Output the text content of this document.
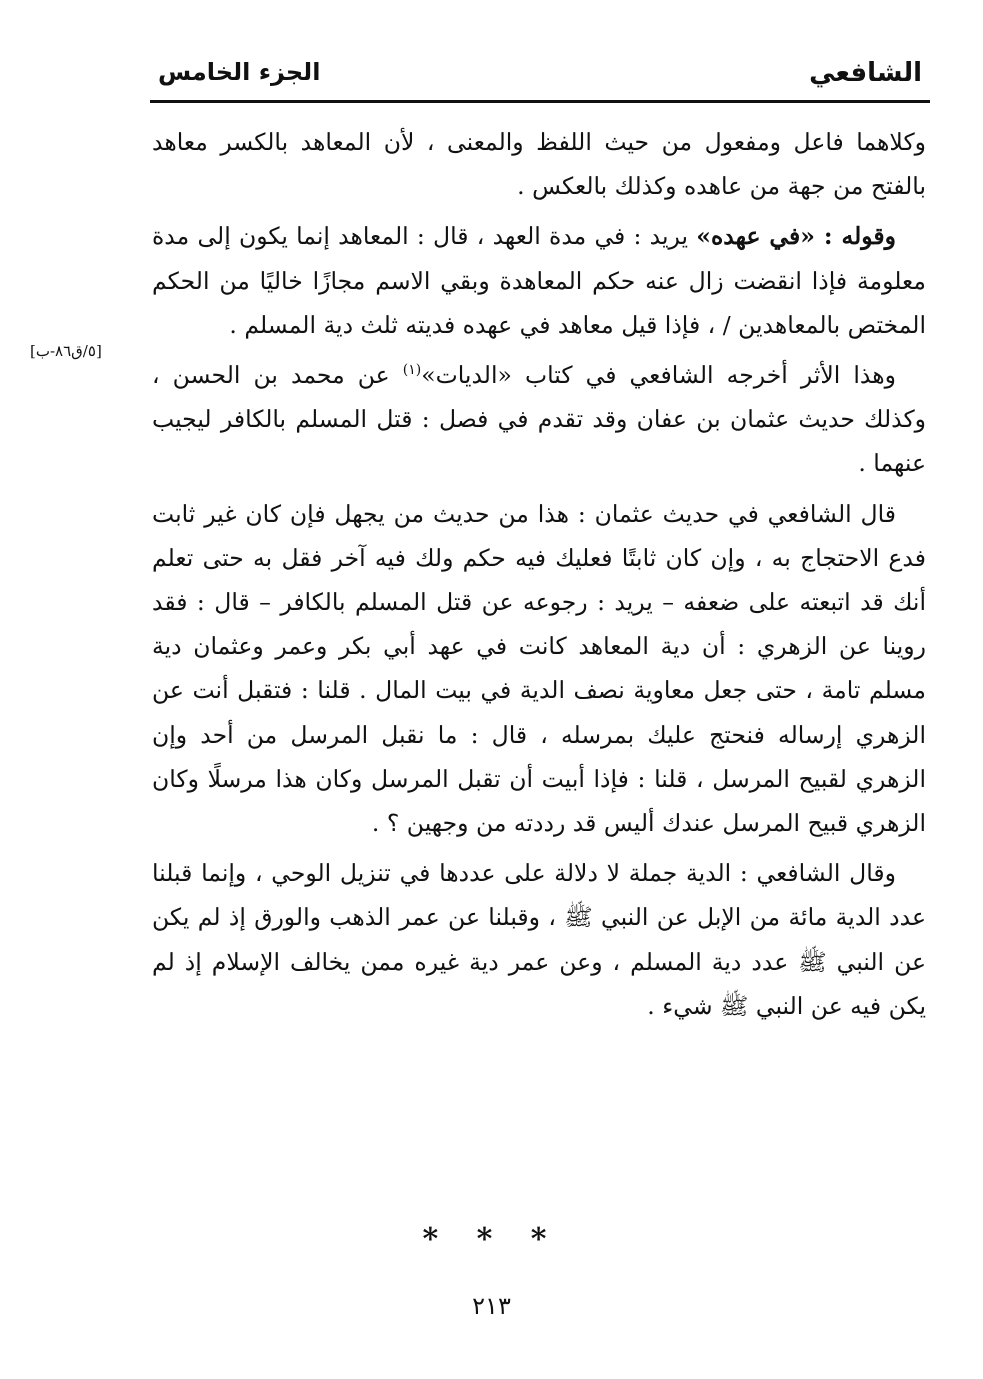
الشافعي
الجزء الخامس
[٥/ق٨٦-ب]

وكلاهما فاعل ومفعول من حيث اللفظ والمعنى ، لأن المعاهد بالكسر معاهد بالفتح من جهة من عاهده وكذلك بالعكس .

وقوله : «في عهده» يريد : في مدة العهد ، قال : المعاهد إنما يكون إلى مدة معلومة فإذا انقضت زال عنه حكم المعاهدة وبقي الاسم مجازًا خاليًا من الحكم المختص بالمعاهدين / ، فإذا قيل معاهد في عهده فديته ثلث دية المسلم .

وهذا الأثر أخرجه الشافعي في كتاب «الديات»$^{(١)}$ عن محمد بن الحسن ، وكذلك حديث عثمان بن عفان وقد تقدم في فصل : قتل المسلم بالكافر ليجيب عنهما .

قال الشافعي في حديث عثمان : هذا من حديث من يجهل فإن كان غير ثابت فدع الاحتجاج به ، وإن كان ثابتًا فعليك فيه حكم ولك فيه آخر فقل به حتى تعلم أنك قد اتبعته على ضعفه – يريد : رجوعه عن قتل المسلم بالكافر – قال : فقد روينا عن الزهري : أن دية المعاهد كانت في عهد أبي بكر وعمر وعثمان دية مسلم تامة ، حتى جعل معاوية نصف الدية في بيت المال . قلنا : فتقبل أنت عن الزهري إرساله فنحتج عليك بمرسله ، قال : ما نقبل المرسل من أحد وإن الزهري لقبيح المرسل ، قلنا : فإذا أبيت أن تقبل المرسل وكان هذا مرسلًا وكان الزهري قبيح المرسل عندك أليس قد رددته من وجهين ؟ .

وقال الشافعي : الدية جملة لا دلالة على عددها في تنزيل الوحي ، وإنما قبلنا عدد الدية مائة من الإبل عن النبي ﷺ ، وقبلنا عن عمر الذهب والورق إذ لم يكن عن النبي ﷺ عدد دية المسلم ، وعن عمر دية غيره ممن يخالف الإسلام إذ لم يكن فيه عن النبي ﷺ شيء .

* * *
٢١٣
